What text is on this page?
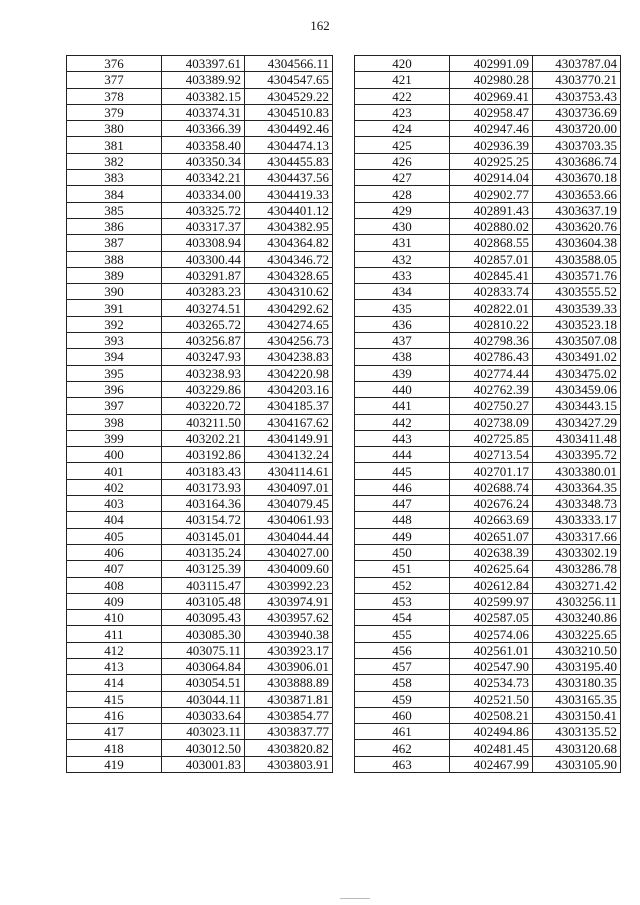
162
376	403397.61	4304566.11
377	403389.92	4304547.65
378	403382.15	4304529.22
379	403374.31	4304510.83
380	403366.39	4304492.46
381	403358.40	4304474.13
382	403350.34	4304455.83
383	403342.21	4304437.56
384	403334.00	4304419.33
385	403325.72	4304401.12
386	403317.37	4304382.95
387	403308.94	4304364.82
388	403300.44	4304346.72
389	403291.87	4304328.65
390	403283.23	4304310.62
391	403274.51	4304292.62
392	403265.72	4304274.65
393	403256.87	4304256.73
394	403247.93	4304238.83
395	403238.93	4304220.98
396	403229.86	4304203.16
397	403220.72	4304185.37
398	403211.50	4304167.62
399	403202.21	4304149.91
400	403192.86	4304132.24
401	403183.43	4304114.61
402	403173.93	4304097.01
403	403164.36	4304079.45
404	403154.72	4304061.93
405	403145.01	4304044.44
406	403135.24	4304027.00
407	403125.39	4304009.60
408	403115.47	4303992.23
409	403105.48	4303974.91
410	403095.43	4303957.62
411	403085.30	4303940.38
412	403075.11	4303923.17
413	403064.84	4303906.01
414	403054.51	4303888.89
415	403044.11	4303871.81
416	403033.64	4303854.77
417	403023.11	4303837.77
418	403012.50	4303820.82
419	403001.83	4303803.91
420	402991.09	4303787.04
421	402980.28	4303770.21
422	402969.41	4303753.43
423	402958.47	4303736.69
424	402947.46	4303720.00
425	402936.39	4303703.35
426	402925.25	4303686.74
427	402914.04	4303670.18
428	402902.77	4303653.66
429	402891.43	4303637.19
430	402880.02	4303620.76
431	402868.55	4303604.38
432	402857.01	4303588.05
433	402845.41	4303571.76
434	402833.74	4303555.52
435	402822.01	4303539.33
436	402810.22	4303523.18
437	402798.36	4303507.08
438	402786.43	4303491.02
439	402774.44	4303475.02
440	402762.39	4303459.06
441	402750.27	4303443.15
442	402738.09	4303427.29
443	402725.85	4303411.48
444	402713.54	4303395.72
445	402701.17	4303380.01
446	402688.74	4303364.35
447	402676.24	4303348.73
448	402663.69	4303333.17
449	402651.07	4303317.66
450	402638.39	4303302.19
451	402625.64	4303286.78
452	402612.84	4303271.42
453	402599.97	4303256.11
454	402587.05	4303240.86
455	402574.06	4303225.65
456	402561.01	4303210.50
457	402547.90	4303195.40
458	402534.73	4303180.35
459	402521.50	4303165.35
460	402508.21	4303150.41
461	402494.86	4303135.52
462	402481.45	4303120.68
463	402467.99	4303105.90
